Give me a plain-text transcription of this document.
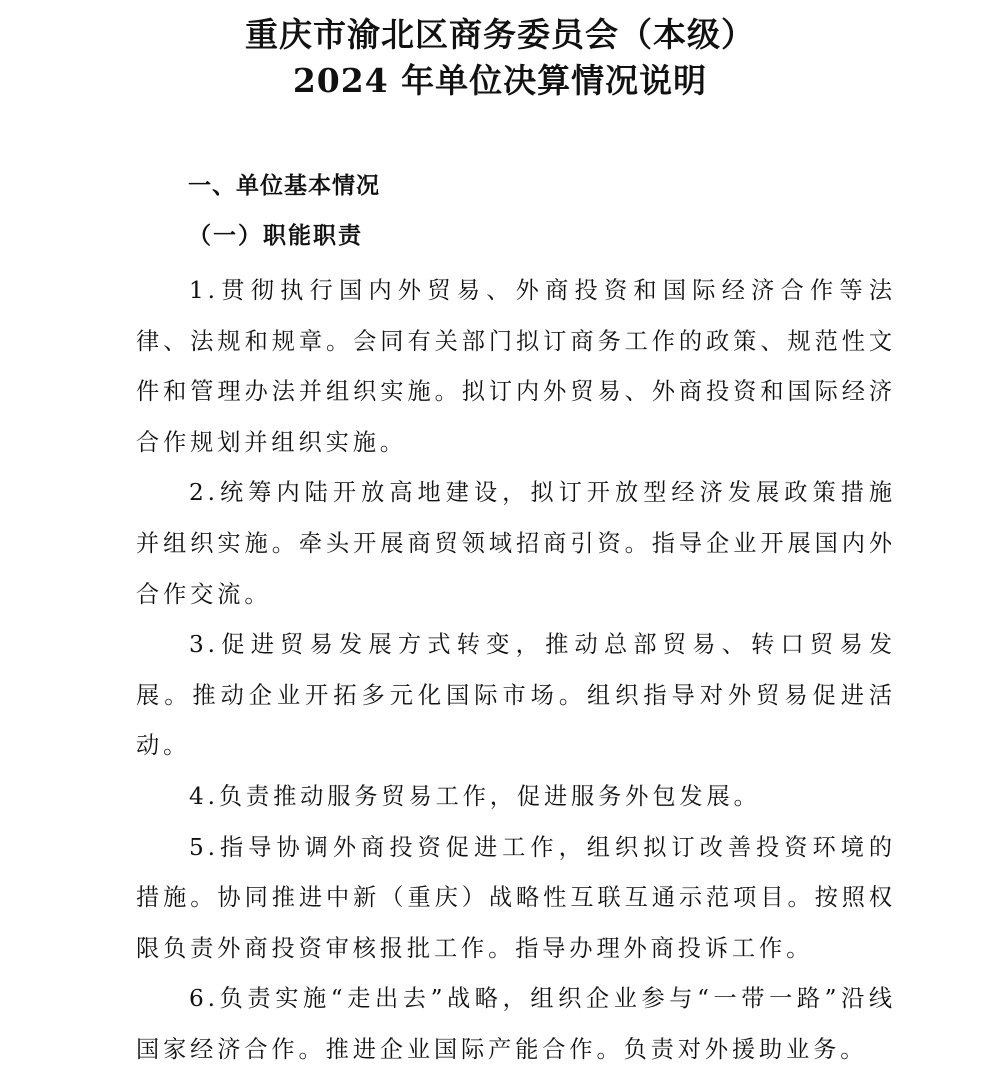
重庆市渝北区商务委员会（本级）
2024 年单位决算情况说明
一、单位基本情况
（一）职能职责

1.贯彻执行国内外贸易、外商投资和国际经济合作等法律、法规和规章。会同有关部门拟订商务工作的政策、规范性文件和管理办法并组织实施。拟订内外贸易、外商投资和国际经济合作规划并组织实施。

2.统筹内陆开放高地建设，拟订开放型经济发展政策措施并组织实施。牵头开展商贸领域招商引资。指导企业开展国内外合作交流。

3.促进贸易发展方式转变，推动总部贸易、转口贸易发展。推动企业开拓多元化国际市场。组织指导对外贸易促进活动。

4.负责推动服务贸易工作，促进服务外包发展。

5.指导协调外商投资促进工作，组织拟订改善投资环境的措施。协同推进中新（重庆）战略性互联互通示范项目。按照权限负责外商投资审核报批工作。指导办理外商投诉工作。

6.负责实施“走出去”战略，组织企业参与“一带一路”沿线国家经济合作。推进企业国际产能合作。负责对外援助业务。
